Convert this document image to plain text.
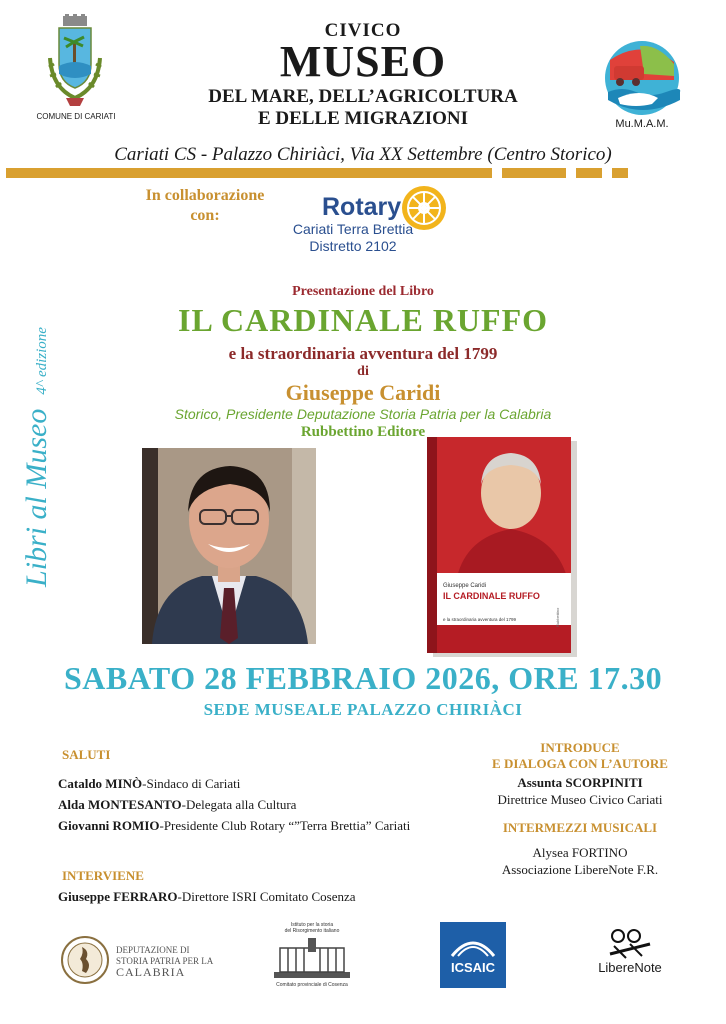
COMUNE DI CARIATI
CIVICO
MUSEO
DEL MARE, DELL’AGRICOLTURA
E DELLE MIGRAZIONI	Mu.M.A.M.
Cariati CS - Palazzo Chiriàci, Via XX Settembre (Centro Storico)
In collaborazione
con:	Rotary
Cariati Terra Brettia
Distretto 2102
Libri al Museo4^ edizione
Presentazione del Libro
IL CARDINALE RUFFO
e la straordinaria avventura del 1799
di
Giuseppe Caridi
Storico, Presidente Deputazione Storia Patria per la Calabria
Rubbettino Editore
Giuseppe Caridi
IL CARDINALE RUFFO
e la straordinaria avventura del 1799	Rubbettino
SABATO 28 FEBBRAIO 2026, ORE 17.30
SEDE MUSEALE PALAZZO CHIRIÀCI
SALUTI
Cataldo MINÒ-Sindaco di Cariati
Alda MONTESANTO-Delegata alla Cultura
Giovanni ROMIO-Presidente Club Rotary “”Terra Brettia” Cariati
INTERVIENE
Giuseppe FERRARO-Direttore ISRI Comitato Cosenza
INTRODUCE
E DIALOGA CON L’AUTORE
Assunta SCORPINITI
Direttrice Museo Civico Cariati
INTERMEZZI MUSICALI
Alysea FORTINO
Associazione LibereNote F.R.
DEPUTAZIONE DI
STORIA PATRIA PER LA
CALABRIA
Istituto per la storia
del Risorgimento italiano
Comitato provinciale di Cosenza
ICSAIC	LibereNote
